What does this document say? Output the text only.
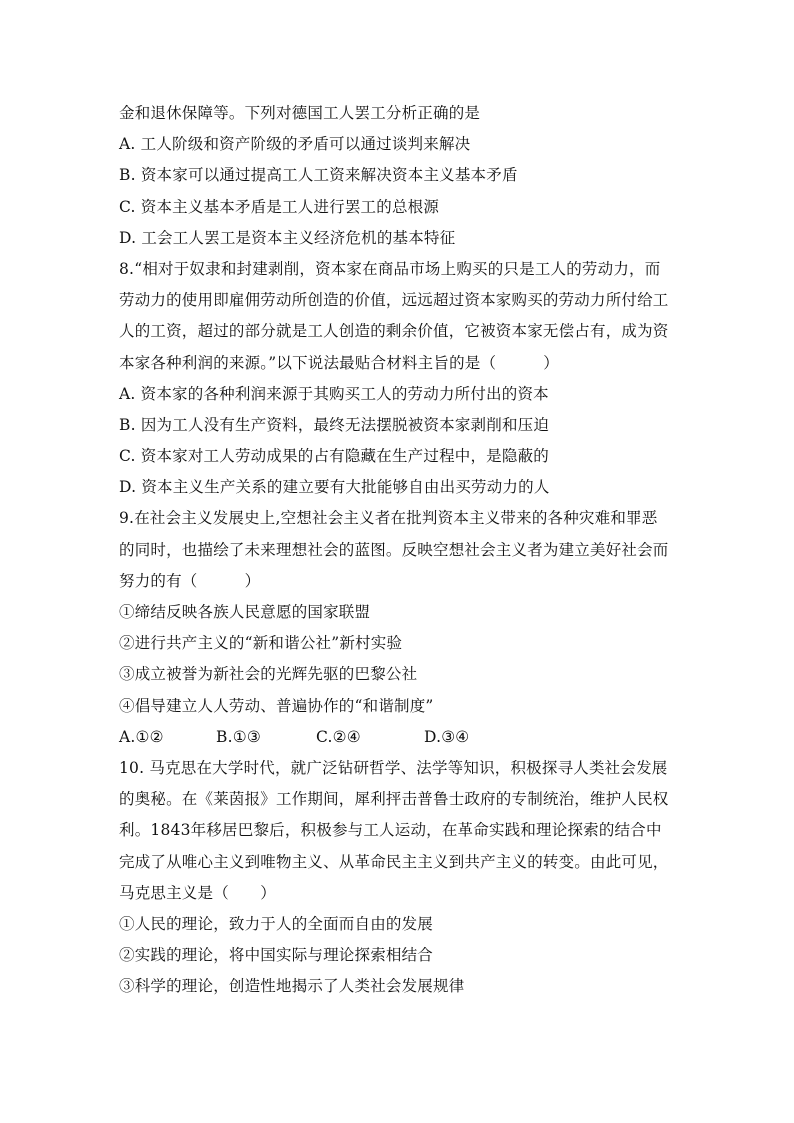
金和退休保障等。下列对德国工人罢工分析正确的是
A. 工人阶级和资产阶级的矛盾可以通过谈判来解决
B. 资本家可以通过提高工人工资来解决资本主义基本矛盾
C. 资本主义基本矛盾是工人进行罢工的总根源
D. 工会工人罢工是资本主义经济危机的基本特征
8.“相对于奴隶和封建剥削，资本家在商品市场上购买的只是工人的劳动力，而
劳动力的使用即雇佣劳动所创造的价值，远远超过资本家购买的劳动力所付给工
人的工资，超过的部分就是工人创造的剩余价值，它被资本家无偿占有，成为资
本家各种利润的来源。”以下说法最贴合材料主旨的是（　　　）
A. 资本家的各种利润来源于其购买工人的劳动力所付出的资本
B. 因为工人没有生产资料，最终无法摆脱被资本家剥削和压迫
C. 资本家对工人劳动成果的占有隐藏在生产过程中，是隐蔽的
D. 资本主义生产关系的建立要有大批能够自由出买劳动力的人
9.在社会主义发展史上,空想社会主义者在批判资本主义带来的各种灾难和罪恶
的同时，也描绘了未来理想社会的蓝图。反映空想社会主义者为建立美好社会而
努力的有（　　　）
①缔结反映各族人民意愿的国家联盟
②进行共产主义的“新和谐公社”新村实验
③成立被誉为新社会的光辉先驱的巴黎公社
④倡导建立人人劳动、普遍协作的“和谐制度”
A.①②	B.①③	C.②④	D.③④
10. 马克思在大学时代，就广泛钻研哲学、法学等知识，积极探寻人类社会发展
的奥秘。在《莱茵报》工作期间，犀利抨击普鲁士政府的专制统治，维护人民权
利。1843年移居巴黎后，积极参与工人运动，在革命实践和理论探索的结合中
完成了从唯心主义到唯物主义、从革命民主主义到共产主义的转变。由此可见，
马克思主义是（　　）
①人民的理论，致力于人的全面而自由的发展
②实践的理论，将中国实际与理论探索相结合
③科学的理论，创造性地揭示了人类社会发展规律
